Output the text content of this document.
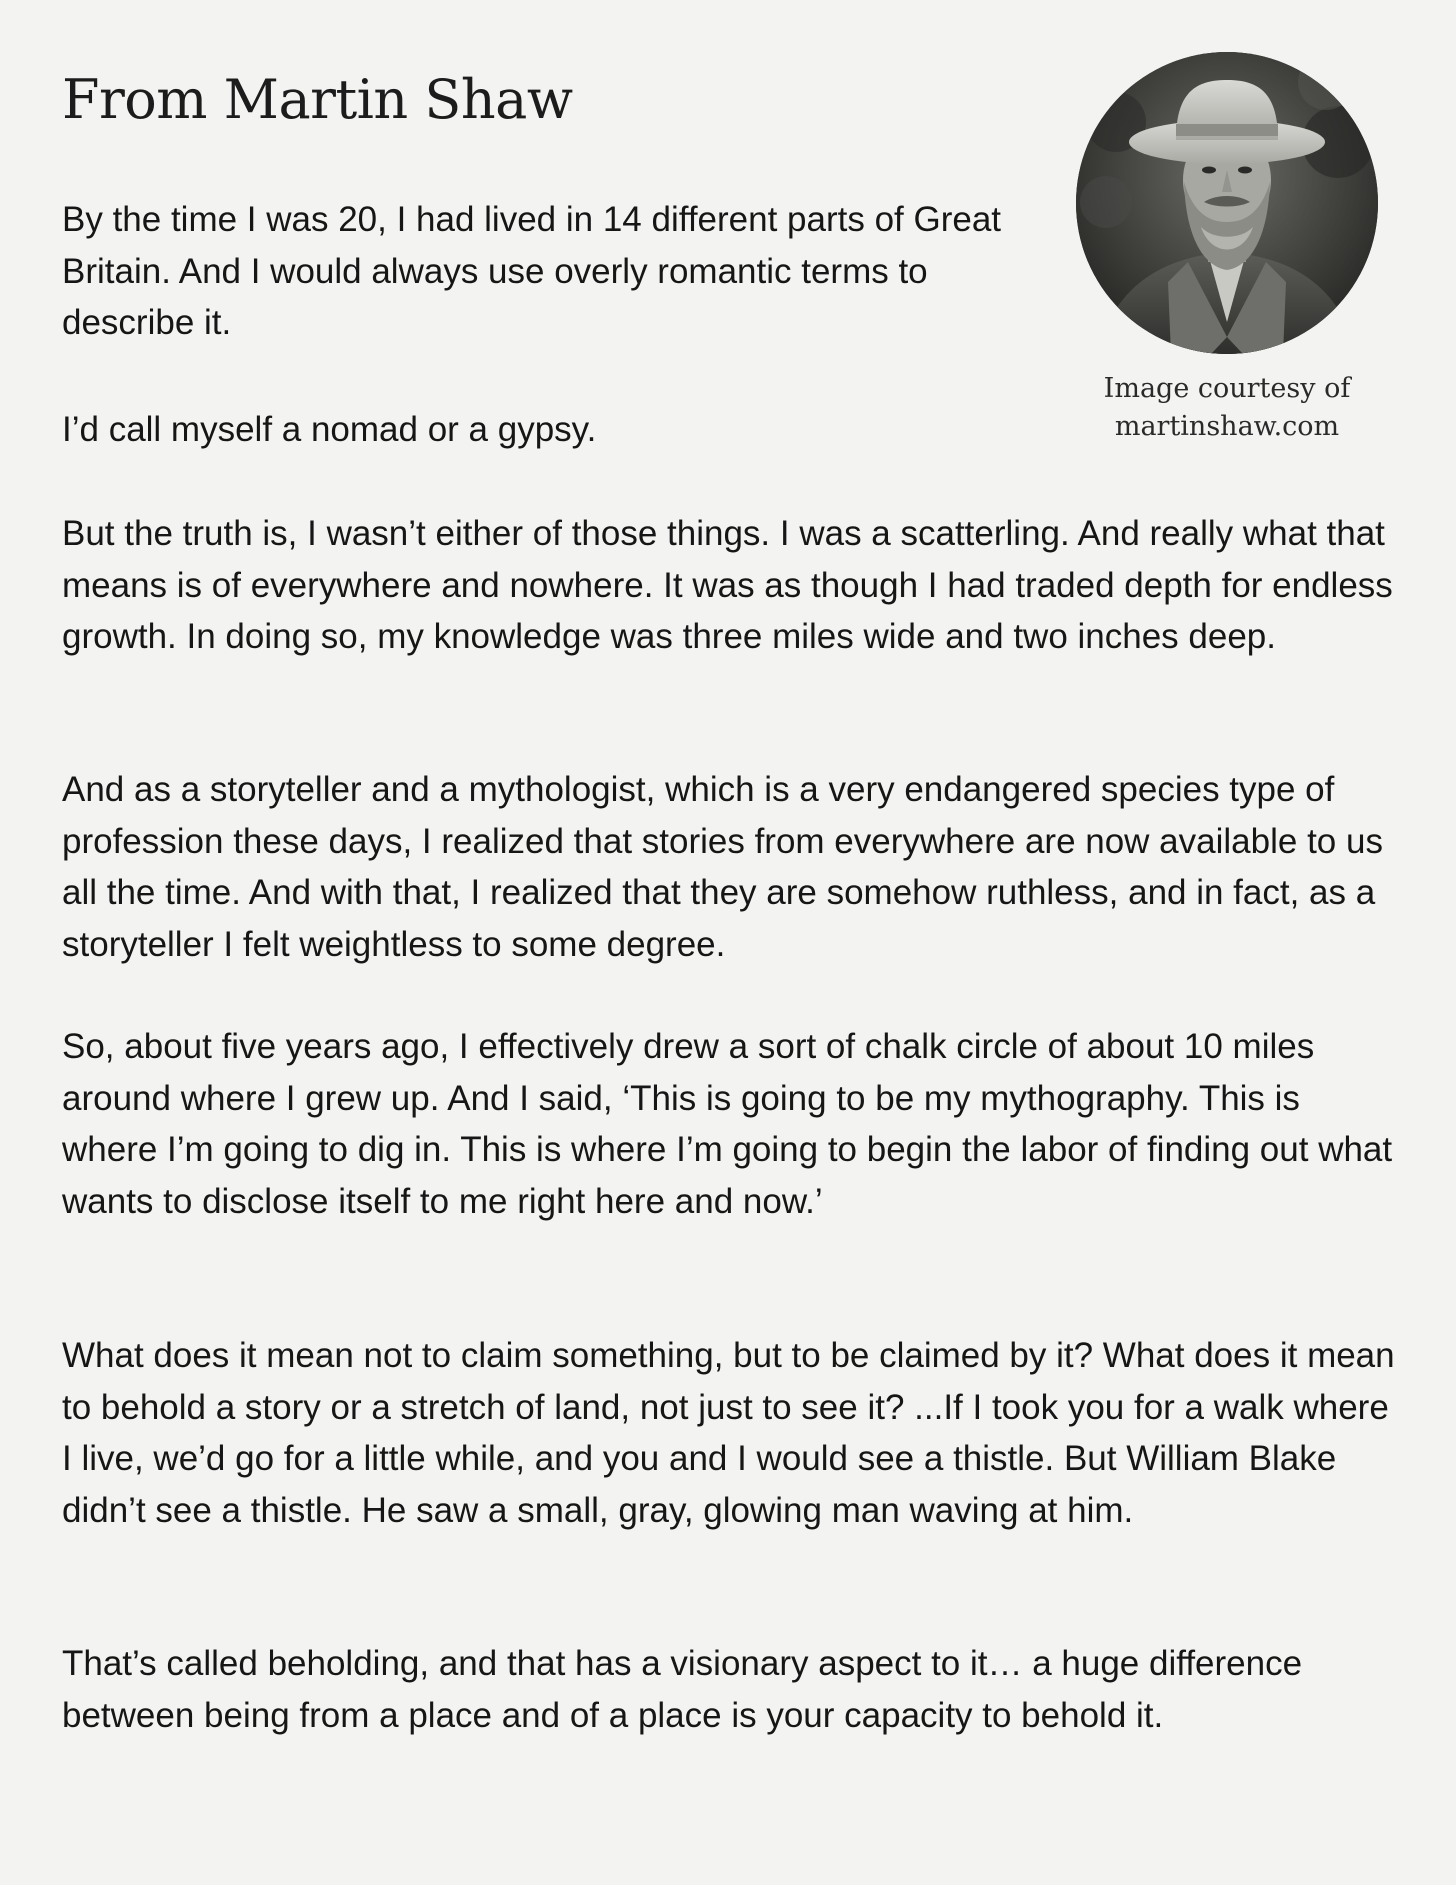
From Martin Shaw
Image courtesy of
martinshaw.com

By the time I was 20, I had lived in 14 different parts of Great Britain. And I would always use overly romantic terms to describe it.

I’d call myself a nomad or a gypsy.

But the truth is, I wasn’t either of those things. I was a scatterling. And really what that means is of everywhere and nowhere. It was as though I had traded depth for endless growth. In doing so, my knowledge was three miles wide and two inches deep.

And as a storyteller and a mythologist, which is a very endangered species type of profession these days, I realized that stories from everywhere are now available to us all the time. And with that, I realized that they are somehow ruthless, and in fact, as a storyteller I felt weightless to some degree.

So, about five years ago, I effectively drew a sort of chalk circle of about 10 miles around where I grew up. And I said, ‘This is going to be my mythography. This is where I’m going to dig in. This is where I’m going to begin the labor of finding out what wants to disclose itself to me right here and now.’

What does it mean not to claim something, but to be claimed by it? What does it mean to behold a story or a stretch of land, not just to see it? ...If I took you for a walk where I live, we’d go for a little while, and you and I would see a thistle. But William Blake didn’t see a thistle. He saw a small, gray, glowing man waving at him.

That’s called beholding, and that has a visionary aspect to it… a huge difference between being from a place and of a place is your capacity to behold it.
